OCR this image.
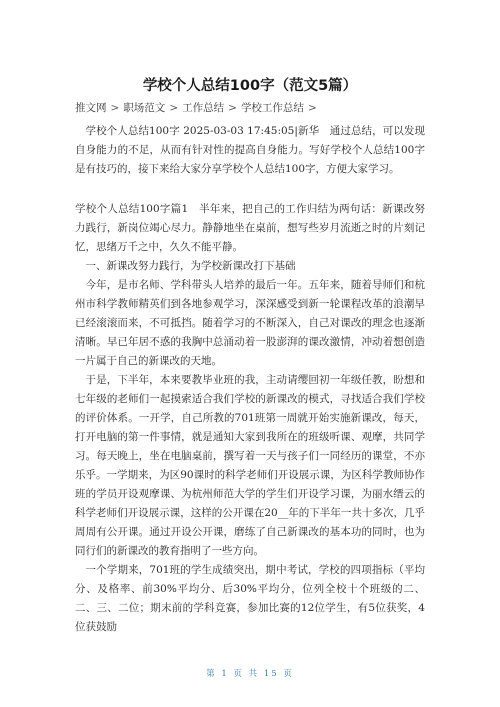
学校个人总结100字（范文5篇）
推文网 > 职场范文 > 工作总结 > 学校工作总结 >

学校个人总结100字 2025-03-03 17:45:05|新华　通过总结，可以发现自身能力的不足，从而有针对性的提高自身能力。写好学校个人总结100字是有技巧的，接下来给大家分享学校个人总结100字，方便大家学习。

学校个人总结100字篇1　半年来，把自己的工作归结为两句话：新课改努力践行，新岗位竭心尽力。静静地坐在桌前，想写些岁月流逝之时的片刻记忆，思绪万千之中，久久不能平静。

一、新课改努力践行，为学校新课改打下基础

今年，是市名师、学科带头人培养的最后一年。五年来，随着导师们和杭州市科学教师精英们到各地参观学习，深深感受到新一轮课程改革的浪潮早已经滚滚而来，不可抵挡。随着学习的不断深入，自己对课改的理念也逐渐清晰。早已年居不惑的我胸中总涌动着一股澎湃的课改激情，冲动着想创造一片属于自己的新课改的天地。

于是，下半年，本来要教毕业班的我，主动请缨回初一年级任教，盼想和七年级的老师们一起摸索适合我们学校的新课改的模式，寻找适合我们学校的评价体系。一开学，自己所教的701班第一周就开始实施新课改，每天，打开电脑的第一件事情，就是通知大家到我所在的班级听课、观摩，共同学习。每天晚上，坐在电脑桌前，撰写着一天与孩子们一同经历的课堂，不亦乐乎。一学期来，为区90课时的科学老师们开设展示课，为区科学教师协作班的学员开设观摩课、为杭州师范大学的学生们开设学习课，为丽水缙云的科学老师们开设展示课，这样的公开课在20__年的下半年一共十多次，几乎周周有公开课。通过开设公开课，磨练了自己新课改的基本功的同时，也为同行们的新课改的教育指明了一些方向。

一个学期来，701班的学生成绩突出，期中考试，学校的四项指标（平均分、及格率、前30%平均分、后30%平均分，位列全校十个班级的二、二、三、二位；期末前的学科竞赛，参加比赛的12位学生，有5位获奖，4位获鼓励

第 1 页 共 15 页
